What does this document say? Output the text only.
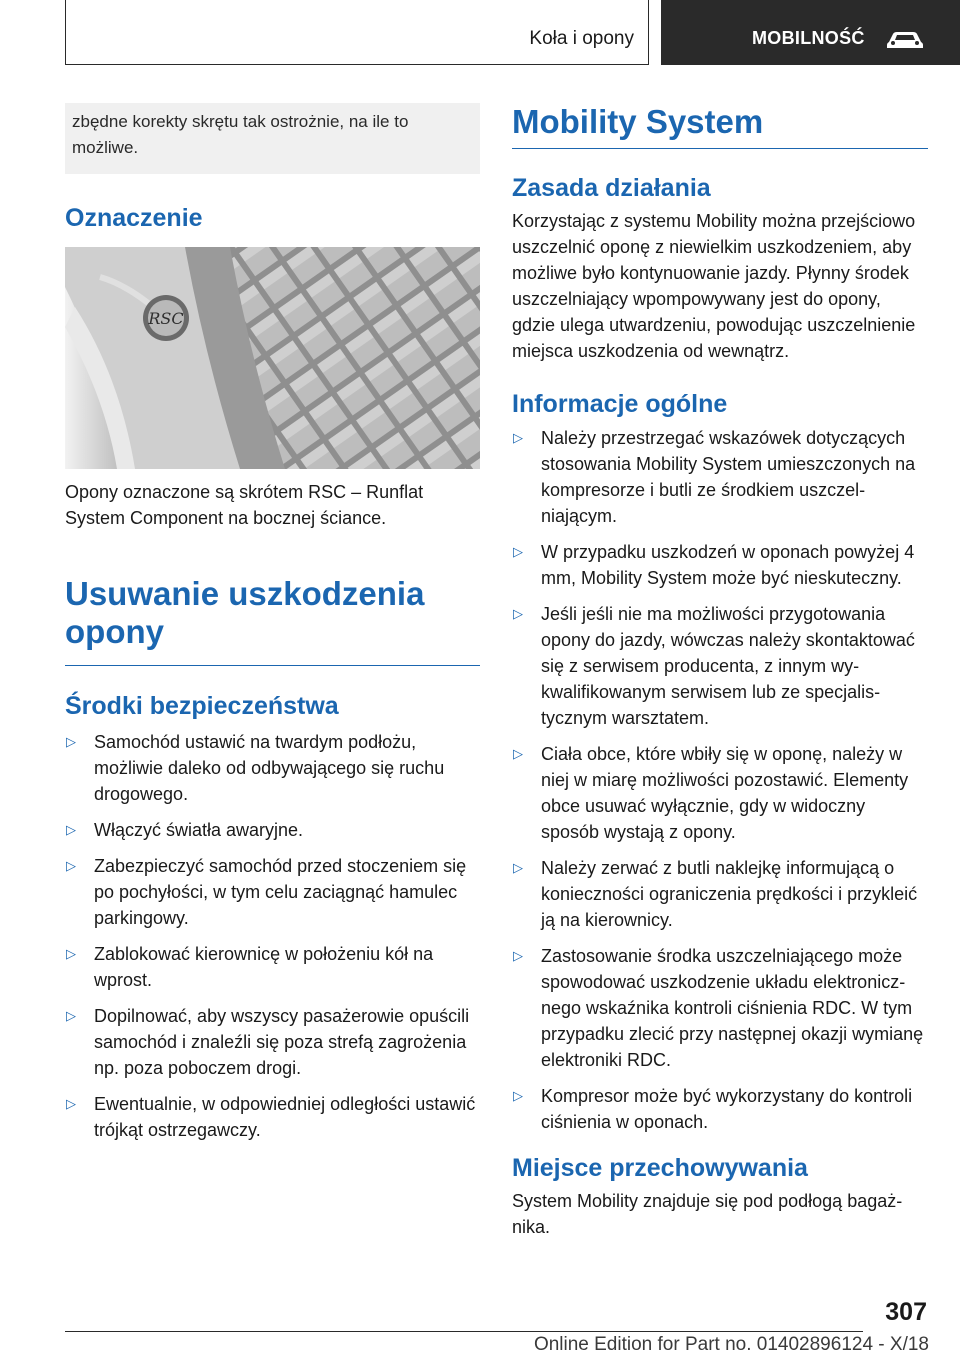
Koła i opony	MOBILNOŚĆ
zbędne korekty skrętu tak ostrożnie, na ile to możliwe.
Oznaczenie
RSC

Opony oznaczone są skrótem RSC – Runflat System Component na bocznej ściance.

Usuwanie uszkodzenia opony
Środki bezpieczeństwa
▷ Samochód ustawić na twardym podłożu, możliwie daleko od odbywającego się ruchu drogowego.
▷ Włączyć światła awaryjne.
▷ Zabezpieczyć samochód przed stoczeniem się po pochyłości, w tym celu zaciągnąć hamulec parkingowy.
▷ Zablokować kierownicę w położeniu kół na wprost.
▷ Dopilnować, aby wszyscy pasażerowie opuścili samochód i znaleźli się poza strefą zagrożenia np. poza poboczem drogi.
▷ Ewentualnie, w odpowiedniej odległości ustawić trójkąt ostrzegawczy.
Mobility System
Zasada działania

Korzystając z systemu Mobility można przejściowo uszczelnić oponę z niewielkim uszkodzeniem, aby możliwe było kontynuowanie jazdy. Płynny środek uszczelniający wpompowywany jest do opony, gdzie ulega utwardzeniu, powodując uszczelnienie miejsca uszkodzenia od wewnątrz.

Informacje ogólne
▷ Należy przestrzegać wskazówek dotyczących stosowania Mobility System umieszczonych na kompresorze i butli ze środkiem uszczelniającym.
▷ W przypadku uszkodzeń w oponach powyżej 4 mm, Mobility System może być nieskuteczny.
▷ Jeśli jeśli nie ma możliwości przygotowania opony do jazdy, wówczas należy skontaktować się z serwisem producenta, z innym wykwalifikowanym serwisem lub ze specjalistycznym warsztatem.
▷ Ciała obce, które wbiły się w oponę, należy w niej w miarę możliwości pozostawić. Elementy obce usuwać wyłącznie, gdy w widoczny sposób wystają z opony.
▷ Należy zerwać z butli naklejkę informującą o konieczności ograniczenia prędkości i przykleić ją na kierownicy.
▷ Zastosowanie środka uszczelniającego może spowodować uszkodzenie układu elektronicznego wskaźnika kontroli ciśnienia RDC. W tym przypadku zlecić przy następnej okazji wymianę elektroniki RDC.
▷ Kompresor może być wykorzystany do kontroli ciśnienia w oponach.
Miejsce przechowywania

System Mobility znajduje się pod podłogą bagażnika.

307
Online Edition for Part no. 01402896124 - X/18
